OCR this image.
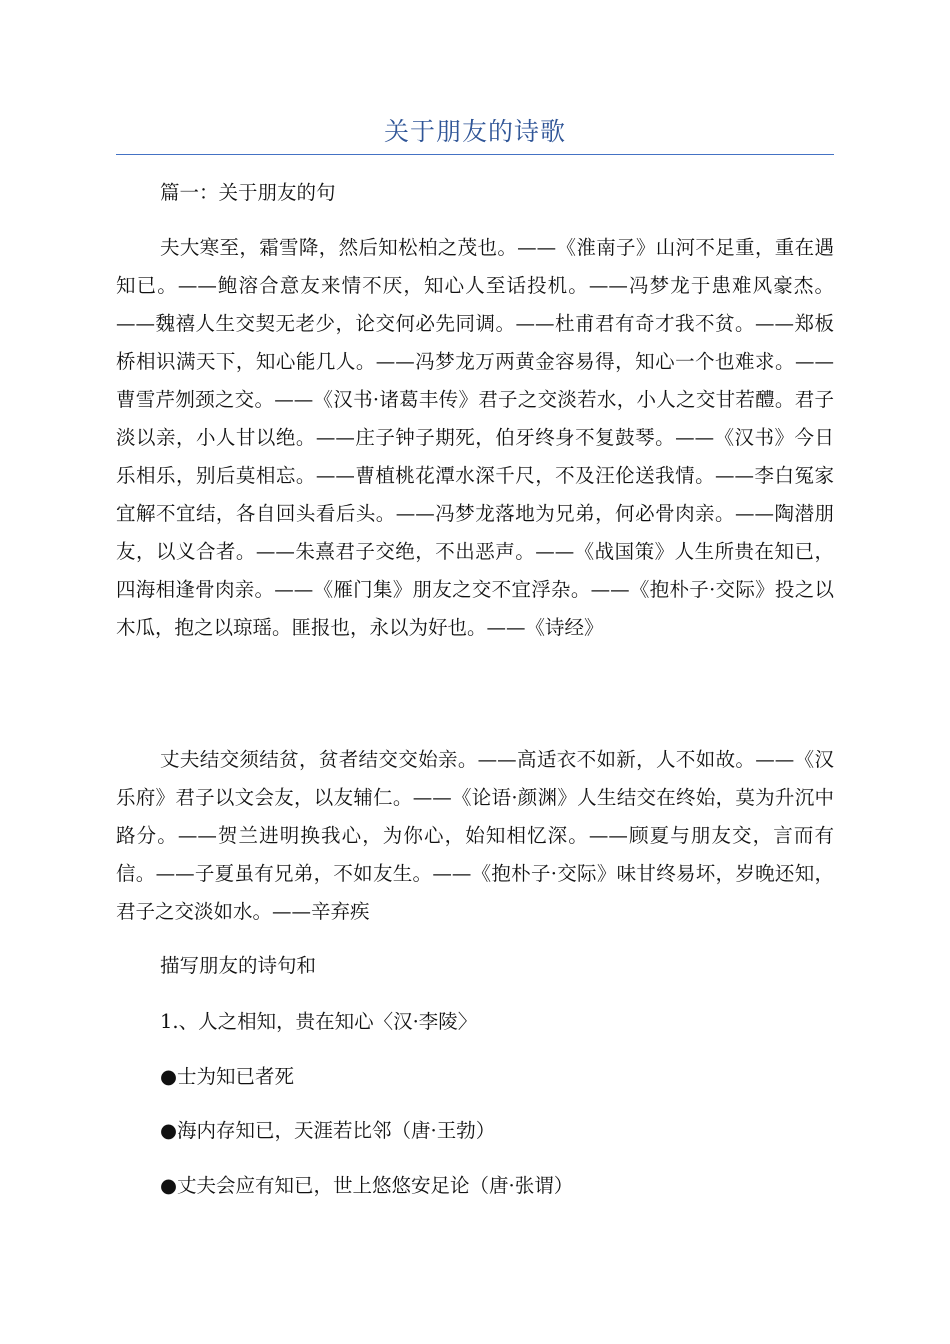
关于朋友的诗歌
篇一：关于朋友的句

夫大寒至，霜雪降，然后知松柏之茂也。——《淮南子》山河不足重，重在遇知已。——鲍溶合意友来情不厌，知心人至话投机。——冯梦龙于患难风豪杰。——魏禧人生交契无老少，论交何必先同调。——杜甫君有奇才我不贫。——郑板桥相识满天下，知心能几人。——冯梦龙万两黄金容易得，知心一个也难求。——曹雪芹刎颈之交。——《汉书·诸葛丰传》君子之交淡若水，小人之交甘若醴。君子淡以亲，小人甘以绝。——庄子钟子期死，伯牙终身不复鼓琴。——《汉书》今日乐相乐，别后莫相忘。——曹植桃花潭水深千尺，不及汪伦送我情。——李白冤家宜解不宜结，各自回头看后头。——冯梦龙落地为兄弟，何必骨肉亲。——陶潜朋友，以义合者。——朱熹君子交绝，不出恶声。——《战国策》人生所贵在知已，四海相逢骨肉亲。——《雁门集》朋友之交不宜浮杂。——《抱朴子·交际》投之以木瓜，抱之以琼瑶。匪报也，永以为好也。——《诗经》

丈夫结交须结贫，贫者结交交始亲。——高适衣不如新，人不如故。——《汉乐府》君子以文会友，以友辅仁。——《论语·颜渊》人生结交在终始，莫为升沉中路分。——贺兰进明换我心，为你心，始知相忆深。——顾夏与朋友交，言而有信。——子夏虽有兄弟，不如友生。——《抱朴子·交际》味甘终易坏，岁晚还知，君子之交淡如水。——辛弃疾

描写朋友的诗句和
1.、人之相知，贵在知心〈汉·李陵〉
●士为知已者死
●海内存知已，天涯若比邻（唐·王勃）
●丈夫会应有知已，世上悠悠安足论（唐·张谓）
